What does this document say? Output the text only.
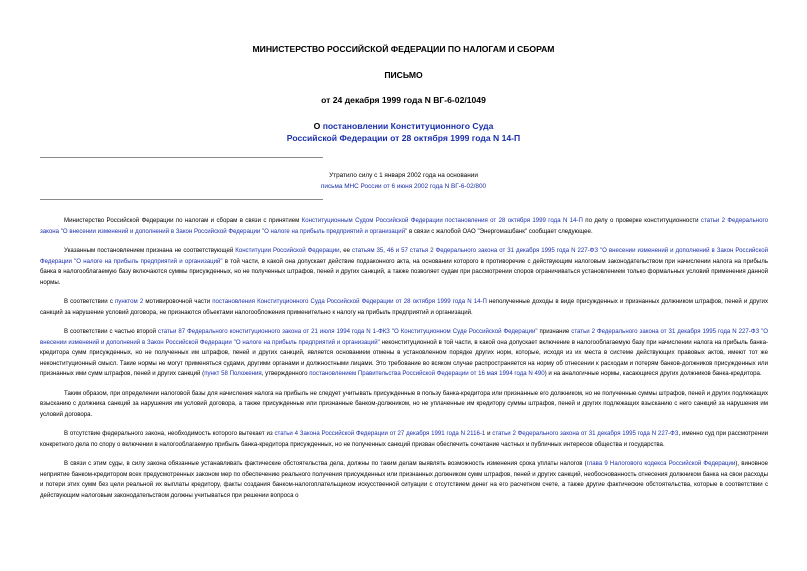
МИНИСТЕРСТВО РОССИЙСКОЙ ФЕДЕРАЦИИ ПО НАЛОГАМ И СБОРАМ
ПИСЬМО
от 24 декабря 1999 года N ВГ-6-02/1049
О постановлении Конституционного Суда
Российской Федерации от 28 октября 1999 года N 14-П
Утратило силу с 1 января 2002 года на основании
письма МНС России от 6 июня 2002 года N ВГ-6-02/800

Министерство Российской Федерации по налогам и сборам в связи с принятием Конституционным Судом Российской Федерации постановления от 28 октября 1999 года N 14-П по делу о проверке конституционности статьи 2 Федерального закона "О внесении изменений и дополнений в Закон Российской Федерации "О налоге на прибыль предприятий и организаций" в связи с жалобой ОАО "Энергомашбанк" сообщает следующее.

Указанным постановлением признана не соответствующей Конституции Российской Федерации, ее статьям 35, 46 и 57 статья 2 Федерального закона от 31 декабря 1995 года N 227-ФЗ "О внесении изменений и дополнений в Закон Российской Федерации "О налоге на прибыль предприятий и организаций" в той части, в какой она допускает действие подзаконного акта, на основании которого в противоречие с действующим налоговым законодательством при начислении налога на прибыль банка в налогооблагаемую базу включаются суммы присужденных, но не полученных штрафов, пеней и других санкций, а также позволяет судам при рассмотрении споров ограничиваться установлением только формальных условий применения данной нормы.

В соответствии с пунктом 2 мотивировочной части постановления Конституционного Суда Российской Федерации от 28 октября 1999 года N 14-П неполученные доходы в виде присужденных и признанных должником штрафов, пеней и других санкций за нарушение условий договора, не признаются объектами налогообложения применительно к налогу на прибыль предприятий и организаций.

В соответствии с частью второй статьи 87 Федерального конституционного закона от 21 июля 1994 года N 1-ФКЗ "О Конституционном Суде Российской Федерации" признание статьи 2 Федерального закона от 31 декабря 1995 года N 227-ФЗ "О внесении изменений и дополнений в Закон Российской Федерации "О налоге на прибыль предприятий и организаций" неконституционной в той части, в какой она допускает включение в налогооблагаемую базу при начислении налога на прибыль банка-кредитора сумм присужденных, но не полученных им штрафов, пеней и других санкций, является основанием отмены в установленном порядке других норм, которые, исходя из их места в системе действующих правовых актов, имеют тот же неконституционный смысл. Такие нормы не могут применяться судами, другими органами и должностными лицами. Это требование во всяком случае распространяется на норму об отнесении к расходам и потерям банков-должников присужденных или признанных ими сумм штрафов, пеней и других санкций (пункт 58 Положения, утвержденного постановлением Правительства Российской Федерации от 16 мая 1994 года N 490) и на аналогичные нормы, касающиеся других должников банка-кредитора.

Таким образом, при определении налоговой базы для начисления налога на прибыль не следует учитывать присужденные в пользу банка-кредитора или признанные его должником, но не полученные суммы штрафов, пеней и других подлежащих взысканию с должника санкций за нарушения им условий договора, а также присужденные или признанные банком-должником, но не уплаченные им кредитору суммы штрафов, пеней и других подлежащих взысканию с него санкций за нарушения им условий договора.

В отсутствие федерального закона, необходимость которого вытекает из статьи 4 Закона Российской Федерации от 27 декабря 1991 года N 2116-1 и статьи 2 Федерального закона от 31 декабря 1995 года N 227-ФЗ, именно суд при рассмотрении конкретного дела по спору о включении в налогооблагаемую прибыль банка-кредитора присужденных, но не полученных санкций призван обеспечить сочетание частных и публичных интересов общества и государства.

В связи с этим суды, в силу закона обязанные устанавливать фактические обстоятельства дела, должны по таким делам выявлять возможность изменения срока уплаты налогов (глава 9 Налогового кодекса Российской Федерации), виновное неприятие банком-кредитором всех предусмотренных законом мер по обеспечению реального получения присужденных или признанных должником сумм штрафов, пеней и других санкций, необоснованность отнесения должником банка на свои расходы и потери этих сумм без цели реальной их выплаты кредитору, факты создания банком-налогоплательщиком искусственной ситуации с отсутствием денег на его расчетном счете, а также другие фактические обстоятельства, которые в соответствии с действующим налоговым законодательством должны учитываться при решении вопроса о
